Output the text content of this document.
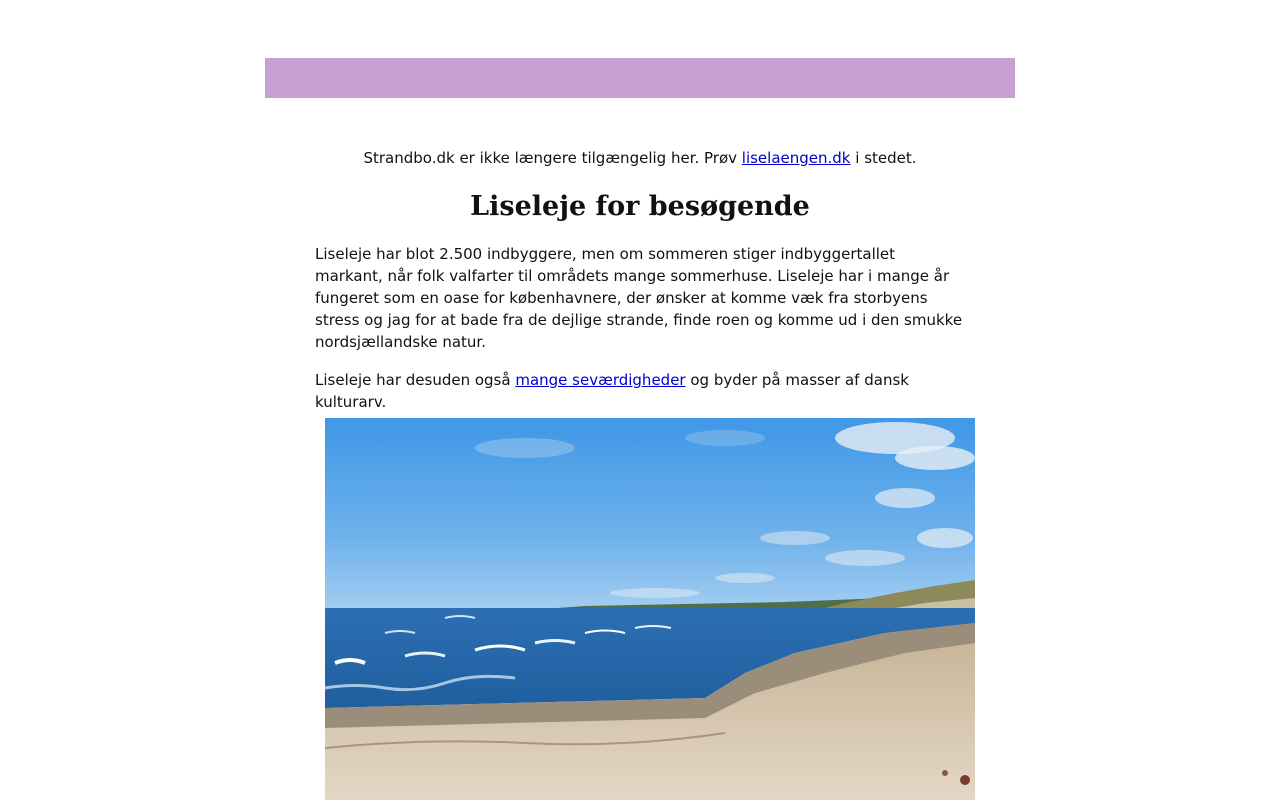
Strandbo.dk er ikke længere tilgængelig her. Prøv liselaengen.dk i stedet.
Liseleje for besøgende

Liseleje har blot 2.500 indbyggere, men om sommeren stiger indbyggertallet markant, når folk valfarter til områdets mange sommerhuse. Liseleje har i mange år fungeret som en oase for københavnere, der ønsker at komme væk fra storbyens stress og jag for at bade fra de dejlige strande, finde roen og komme ud i den smukke nordsjællandske natur.

Liseleje har desuden også mange seværdigheder og byder på masser af dansk kulturarv.
